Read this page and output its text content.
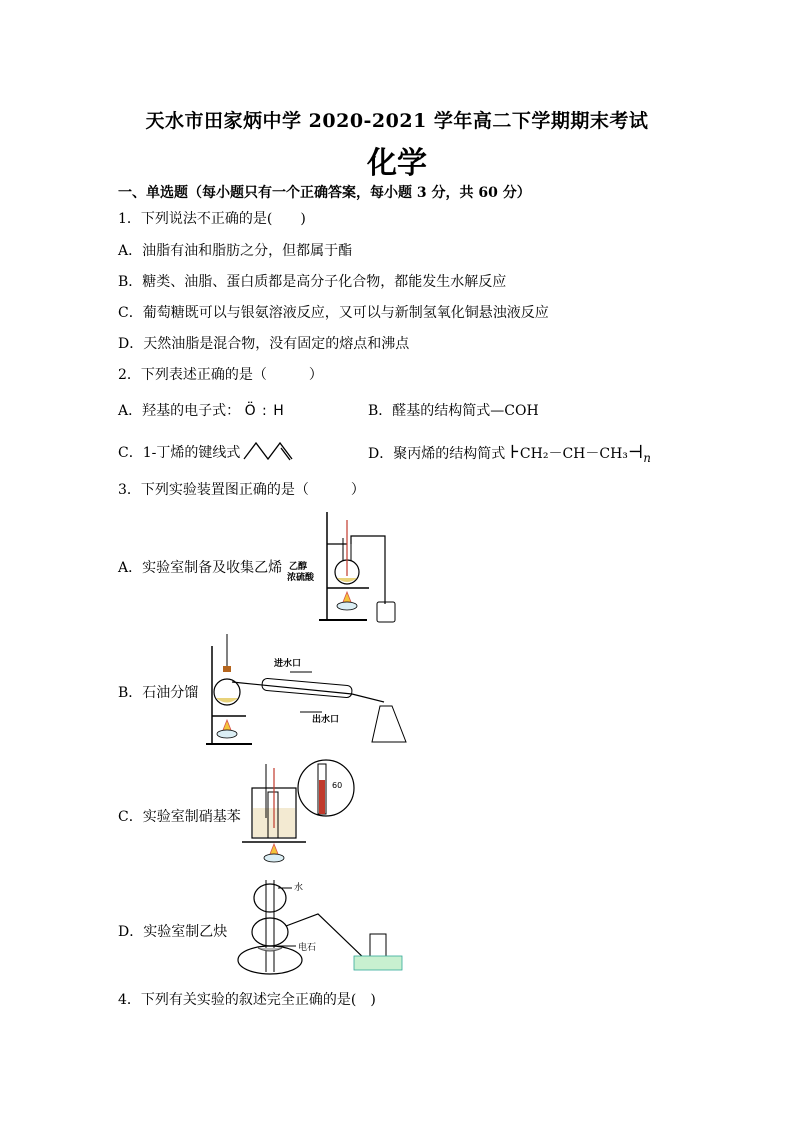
天水市田家炳中学 2020-2021 学年高二下学期期末考试
化学
一、单选题（每小题只有一个正确答案，每小题 3 分，共 60 分）
1．下列说法不正确的是(　　)
A．油脂有油和脂肪之分，但都属于酯
B．糖类、油脂、蛋白质都是高分子化合物，都能发生水解反应
C．葡萄糖既可以与银氨溶液反应，又可以与新制氢氧化铜悬浊液反应
D．天然油脂是混合物，没有固定的熔点和沸点
2．下列表述正确的是（　　　）
A．羟基的电子式： Ö : H	B．醛基的结构简式—COH
C．1-丁烯的键线式	D．聚丙烯的结构简式 $⊦CH_2-CH-CH_3⊣_n$
3．下列实验装置图正确的是（　　　）
A．实验室制备及收集乙烯 乙醇
浓硫酸
B．石油分馏
进水口
出水口
C．实验室制硝基苯
60
D．实验室制乙炔
水
电石
4．下列有关实验的叙述完全正确的是(　)
